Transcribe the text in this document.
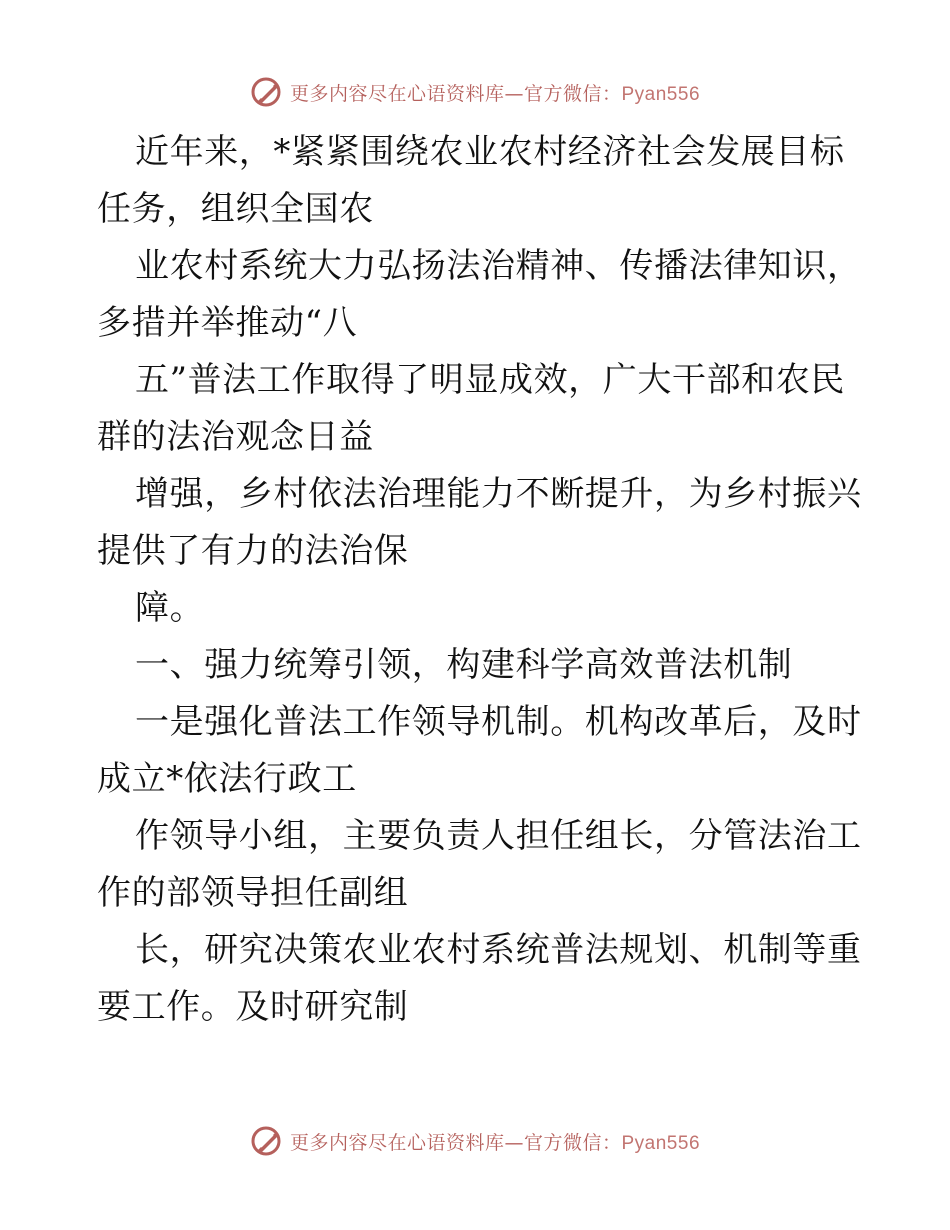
更多内容尽在心语资料库—官方微信：Pyan556
近年来，*紧紧围绕农业农村经济社会发展目标
任务，组织全国农
业农村系统大力弘扬法治精神、传播法律知识，
多措并举推动“八
五”普法工作取得了明显成效，广大干部和农民
群的法治观念日益
增强，乡村依法治理能力不断提升，为乡村振兴
提供了有力的法治保
障。
一、强力统筹引领，构建科学高效普法机制
一是强化普法工作领导机制。机构改革后，及时
成立*依法行政工
作领导小组，主要负责人担任组长，分管法治工
作的部领导担任副组
长，研究决策农业农村系统普法规划、机制等重
要工作。及时研究制
更多内容尽在心语资料库—官方微信：Pyan556
